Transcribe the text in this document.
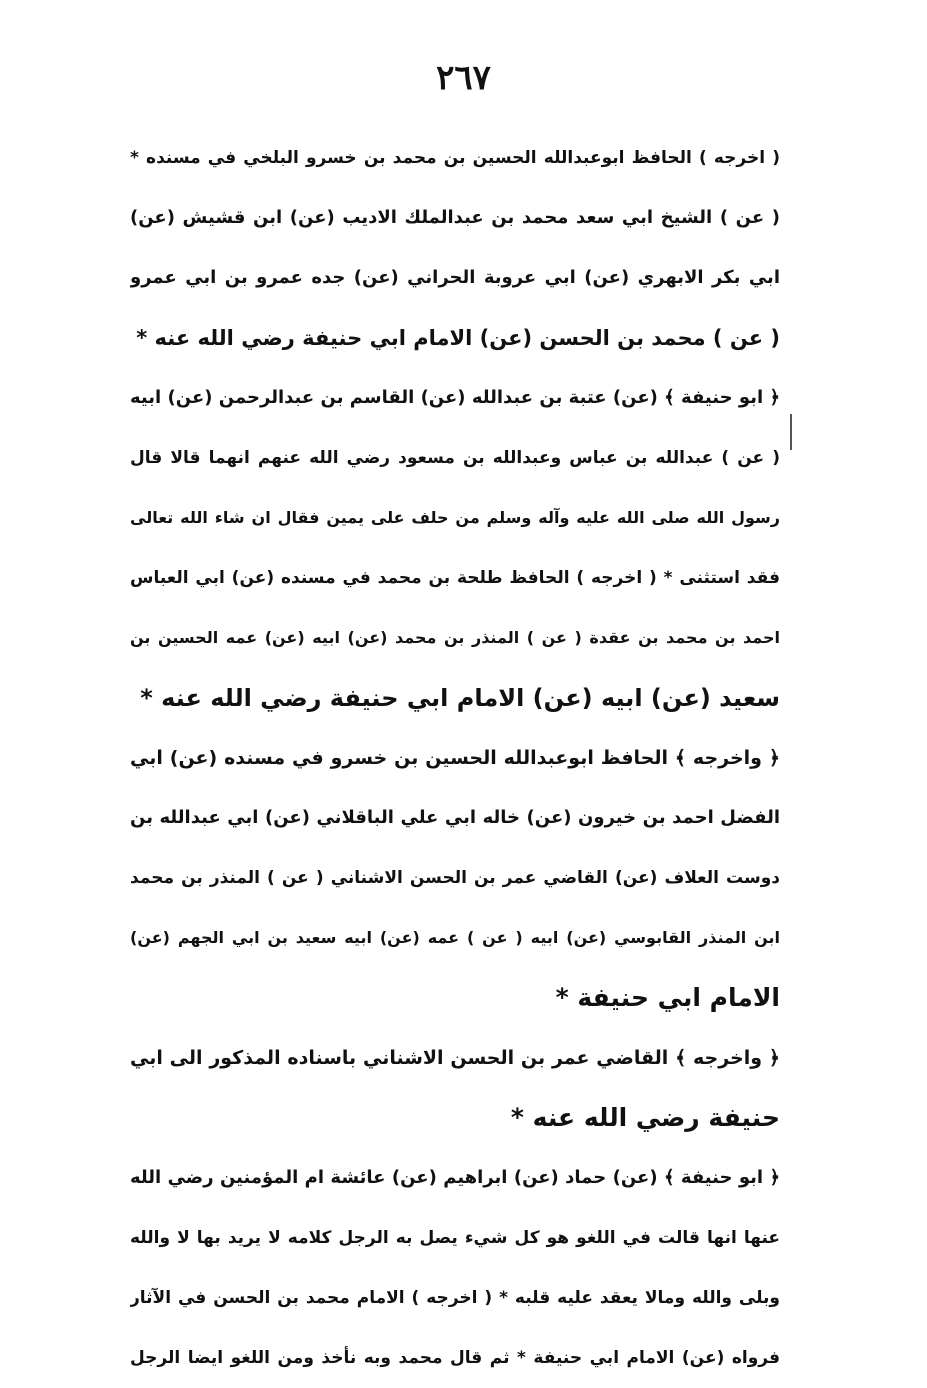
٢٦٧
( اخرجه ) الحافظ ابوعبدالله الحسين بن محمد بن خسرو البلخي في مسنده *
( عن ) الشيخ ابي سعد محمد بن عبدالملك الاديب (عن) ابن قشيش (عن)
ابي بكر الابهري (عن) ابي عروبة الحراني (عن) جده عمرو بن ابي عمرو
( عن ) محمد بن الحسن (عن) الامام ابي حنيفة رضي الله عنه *
﴿ ابو حنيفة ﴾ (عن) عتبة بن عبدالله (عن) القاسم بن عبدالرحمن (عن) ابيه
( عن ) عبدالله بن عباس وعبدالله بن مسعود رضي الله عنهم انهما قالا قال
رسول الله صلى الله عليه وآله وسلم من حلف على يمين فقال ان شاء الله تعالى
فقد استثنى * ( اخرجه ) الحافظ طلحة بن محمد في مسنده (عن) ابي العباس
احمد بن محمد بن عقدة ( عن ) المنذر بن محمد (عن) ابيه (عن) عمه الحسين بن
سعيد (عن) ابيه (عن) الامام ابي حنيفة رضي الله عنه *
﴿ واخرجه ﴾ الحافظ ابوعبدالله الحسين بن خسرو في مسنده (عن) ابي
الفضل احمد بن خيرون (عن) خاله ابي علي الباقلاني (عن) ابي عبدالله بن
دوست العلاف (عن) القاضي عمر بن الحسن الاشناني ( عن ) المنذر بن محمد
ابن المنذر القابوسي (عن) ابيه ( عن ) عمه (عن) ابيه سعيد بن ابي الجهم (عن)
الامام ابي حنيفة *
﴿ واخرجه ﴾ القاضي عمر بن الحسن الاشناني باسناده المذكور الى ابي
حنيفة رضي الله عنه *
﴿ ابو حنيفة ﴾ (عن) حماد (عن) ابراهيم (عن) عائشة ام المؤمنين رضي الله
عنها انها قالت في اللغو هو كل شيء يصل به الرجل كلامه لا يريد بها لا والله
وبلى والله ومالا يعقد عليه قلبه * ( اخرجه ) الامام محمد بن الحسن في الآثار
فرواه (عن) الامام ابي حنيفة * ثم قال محمد وبه نأخذ ومن اللغو ايضا الرجل
